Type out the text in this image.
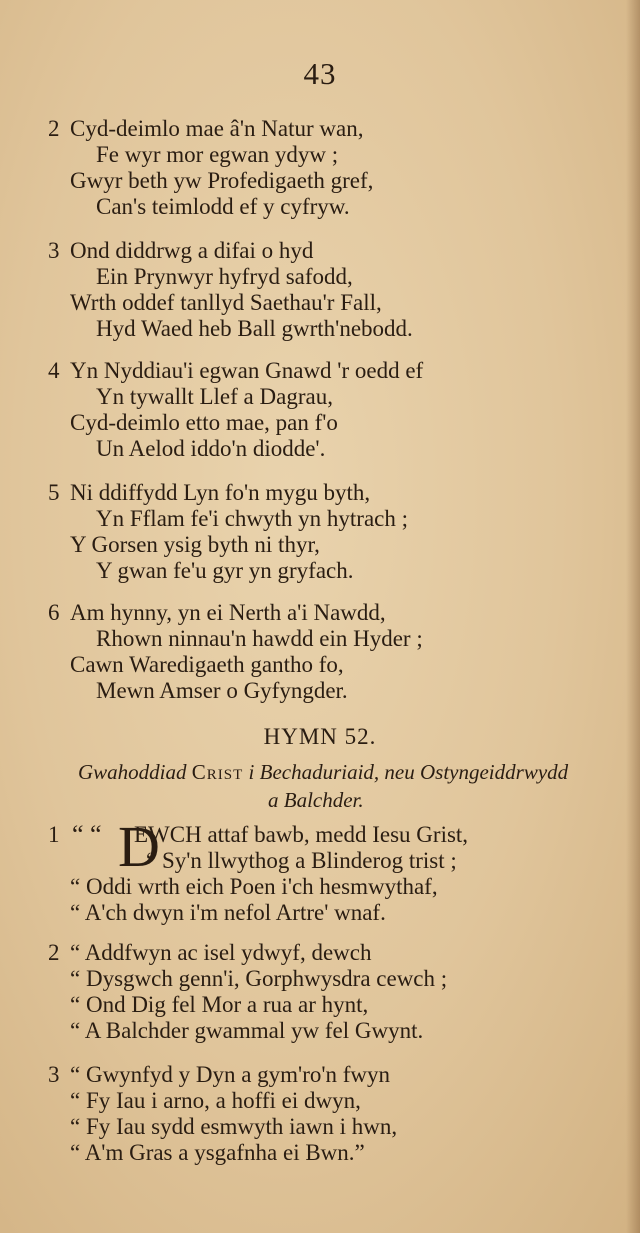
43
2 Cyd-deimlo mae â'n Natur wan,
Fe wyr mor egwan ydyw ;
Gwyr beth yw Profedigaeth gref,
Can's teimlodd ef y cyfryw.
3 Ond diddrwg a difai o hyd
Ein Prynwyr hyfryd safodd,
Wrth oddef tanllyd Saethau'r Fall,
Hyd Waed heb Ball gwrth'nebodd.
4 Yn Nyddiau'i egwan Gnawd 'r oedd ef
Yn tywallt Llef a Dagrau,
Cyd-deimlo etto mae, pan f'o
Un Aelod iddo'n diodde'.
5 Ni ddiffydd Lyn fo'n mygu byth,
Yn Fflam fe'i chwyth yn hytrach ;
Y Gorsen ysig byth ni thyr,
Y gwan fe'u gyr yn gryfach.
6 Am hynny, yn ei Nerth a'i Nawdd,
Rhown ninnau'n hawdd ein Hyder ;
Cawn Waredigaeth gantho fo,
Mewn Amser o Gyfyngder.
HYMN 52.
Gwahoddiad Crist i Bechaduriaid, neu Ostyngeiddrwydd
a Balchder.
1	EWCH attaf bawb, medd Iesu Grist,
“ Sy'n llwythog a Blinderog trist ;
“ Oddi wrth eich Poen i'ch hesmwythaf,
“ A'ch dwyn i'm nefol Artre' wnaf.
“ “ D
2 “ Addfwyn ac isel ydwyf, dewch
“ Dysgwch genn'i, Gorphwysdra cewch ;
“ Ond Dig fel Mor a rua ar hynt,
“ A Balchder gwammal yw fel Gwynt.
3 “ Gwynfyd y Dyn a gym'ro'n fwyn
“ Fy Iau i arno, a hoffi ei dwyn,
“ Fy Iau sydd esmwyth iawn i hwn,
“ A'm Gras a ysgafnha ei Bwn.”
